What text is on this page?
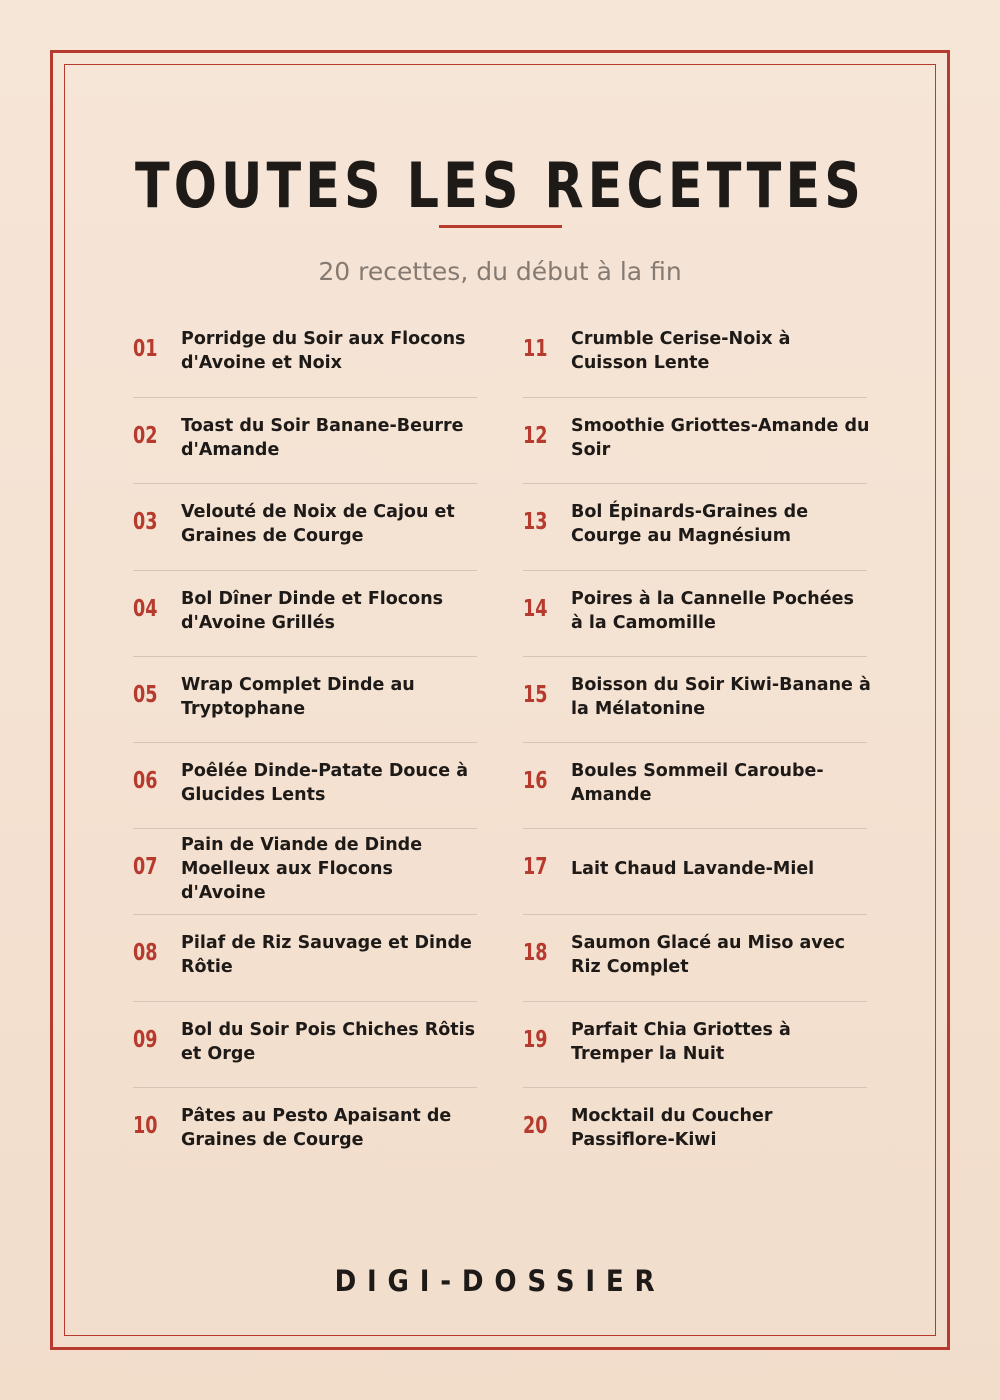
TOUTES LES RECETTES
20 recettes, du début à la fin
01 Porridge du Soir aux Flocons d'Avoine et Noix
02 Toast du Soir Banane-Beurre d'Amande
03 Velouté de Noix de Cajou et Graines de Courge
04 Bol Dîner Dinde et Flocons d'Avoine Grillés
05 Wrap Complet Dinde au Tryptophane
06 Poêlée Dinde-Patate Douce à Glucides Lents
07
Pain de Viande de Dinde Moelleux aux Flocons d'Avoine
08 Pilaf de Riz Sauvage et Dinde Rôtie
09 Bol du Soir Pois Chiches Rôtis et Orge
10 Pâtes au Pesto Apaisant de Graines de Courge
11 Crumble Cerise-Noix à Cuisson Lente
12 Smoothie Griottes-Amande du Soir
13 Bol Épinards-Graines de Courge au Magnésium
14 Poires à la Cannelle Pochées à la Camomille
15 Boisson du Soir Kiwi-Banane à la Mélatonine
16 Boules Sommeil Caroube-Amande
17 Lait Chaud Lavande-Miel
18 Saumon Glacé au Miso avec Riz Complet
19 Parfait Chia Griottes à Tremper la Nuit
20 Mocktail du Coucher Passiflore-Kiwi
DIGI-DOSSIER
